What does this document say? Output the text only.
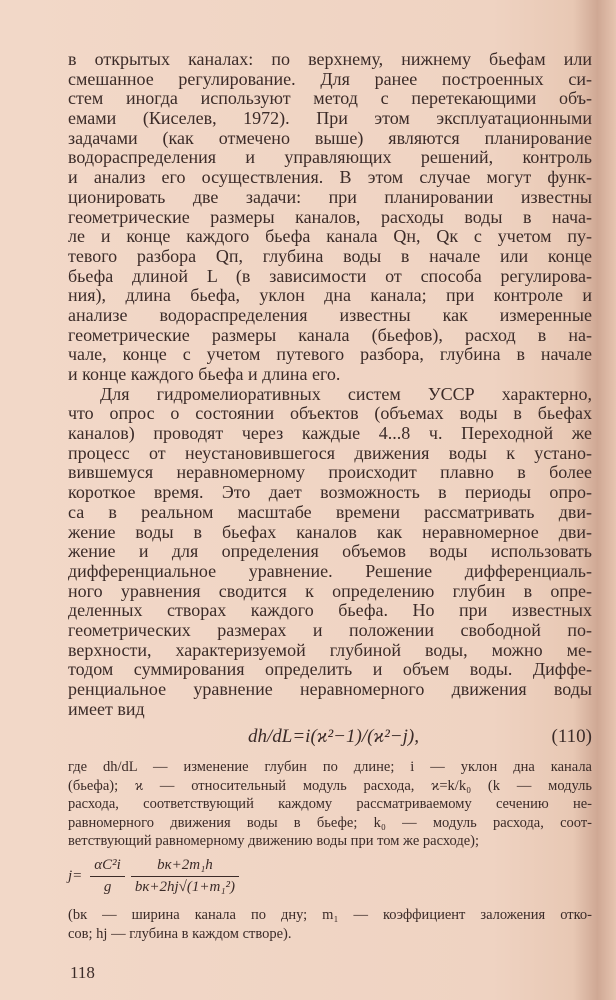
в открытых каналах: по верхнему, нижнему бьефам или
смешанное регулирование. Для ранее построенных си-
стем иногда используют метод с перетекающими объ-
емами (Киселев, 1972). При этом эксплуатационными
задачами (как отмечено выше) являются планирование
водораспределения и управляющих решений, контроль
и анализ его осуществления. В этом случае могут функ-
ционировать две задачи: при планировании известны
геометрические размеры каналов, расходы воды в нача-
ле и конце каждого бьефа канала Qн, Qк с учетом пу-
тевого разбора Qп, глубина воды в начале или конце
бьефа длиной L (в зависимости от способа регулирова-
ния), длина бьефа, уклон дна канала; при контроле и
анализе водораспределения известны как измеренные
геометрические размеры канала (бьефов), расход в на-
чале, конце с учетом путевого разбора, глубина в начале
и конце каждого бьефа и длина его.
Для гидромелиоративных систем УССР характерно,
что опрос о состоянии объектов (объемах воды в бьефах
каналов) проводят через каждые 4...8 ч. Переходной же
процесс от неустановившегося движения воды к устано-
вившемуся неравномерному происходит плавно в более
короткое время. Это дает возможность в периоды опро-
са в реальном масштабе времени рассматривать дви-
жение воды в бьефах каналов как неравномерное дви-
жение и для определения объемов воды использовать
дифференциальное уравнение. Решение дифференциаль-
ного уравнения сводится к определению глубин в опре-
деленных створах каждого бьефа. Но при известных
геометрических размерах и положении свободной по-
верхности, характеризуемой глубиной воды, можно ме-
тодом суммирования определить и объем воды. Диффе-
ренциальное уравнение неравномерного движения воды
имеет вид
dh/dL=i(ϰ²−1)/(ϰ²−j),	(110)
где dh/dL — изменение глубин по длине; i — уклон дна канала
(бьефа); ϰ — относительный модуль расхода, ϰ=k/k₀ (k — модуль
расхода, соответствующий каждому рассматриваемому сечению не-
равномерного движения воды в бьефе; k₀ — модуль расхода, соот-
ветствующий равномерному движению воды при том же расходе);
$j= \frac{\text{αC²i}}{g} \frac{\text{bк+2m₁h}}{\text{bк+2hj√(1+m₁²)}}$
(bк — ширина канала по дну; m₁ — коэффициент заложения отко-
сов; hj — глубина в каждом створе).
118
